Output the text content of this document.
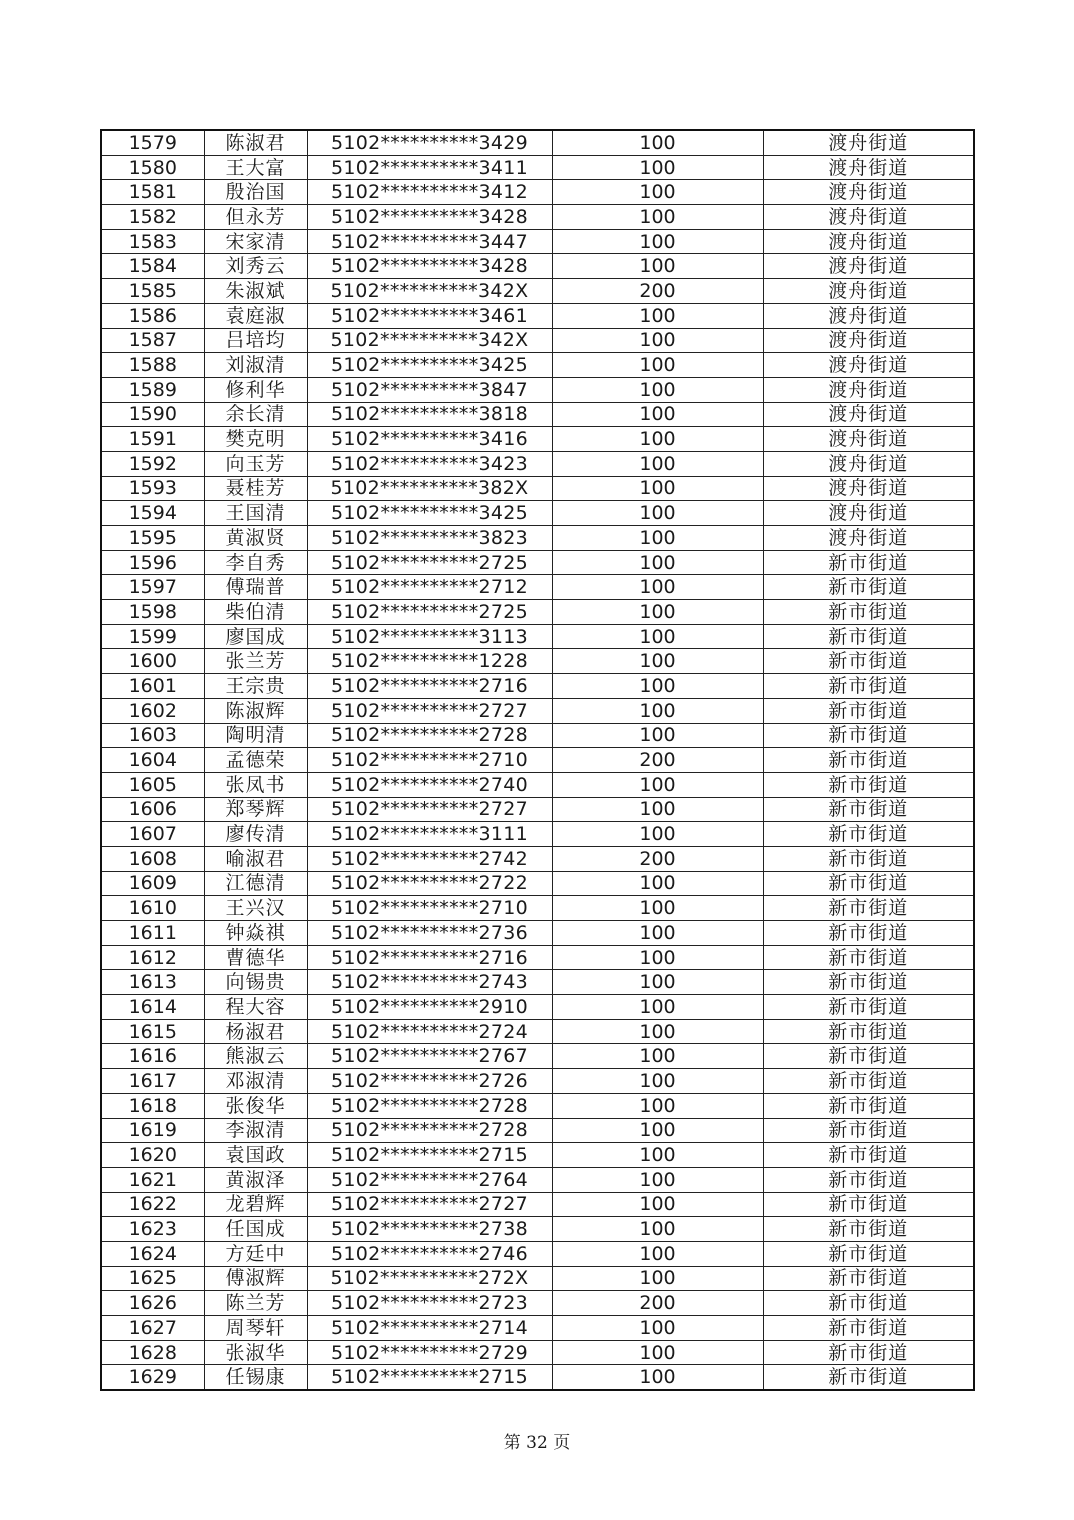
1579	陈淑君	5102**********3429	100	渡舟街道
1580	王大富	5102**********3411	100	渡舟街道
1581	殷治国	5102**********3412	100	渡舟街道
1582	但永芳	5102**********3428	100	渡舟街道
1583	宋家清	5102**********3447	100	渡舟街道
1584	刘秀云	5102**********3428	100	渡舟街道
1585	朱淑斌	5102**********342X	200	渡舟街道
1586	袁庭淑	5102**********3461	100	渡舟街道
1587	吕培均	5102**********342X	100	渡舟街道
1588	刘淑清	5102**********3425	100	渡舟街道
1589	修利华	5102**********3847	100	渡舟街道
1590	余长清	5102**********3818	100	渡舟街道
1591	樊克明	5102**********3416	100	渡舟街道
1592	向玉芳	5102**********3423	100	渡舟街道
1593	聂桂芳	5102**********382X	100	渡舟街道
1594	王国清	5102**********3425	100	渡舟街道
1595	黄淑贤	5102**********3823	100	渡舟街道
1596	李自秀	5102**********2725	100	新市街道
1597	傅瑞普	5102**********2712	100	新市街道
1598	柴伯清	5102**********2725	100	新市街道
1599	廖国成	5102**********3113	100	新市街道
1600	张兰芳	5102**********1228	100	新市街道
1601	王宗贵	5102**********2716	100	新市街道
1602	陈淑辉	5102**********2727	100	新市街道
1603	陶明清	5102**********2728	100	新市街道
1604	孟德荣	5102**********2710	200	新市街道
1605	张凤书	5102**********2740	100	新市街道
1606	郑琴辉	5102**********2727	100	新市街道
1607	廖传清	5102**********3111	100	新市街道
1608	喻淑君	5102**********2742	200	新市街道
1609	江德清	5102**********2722	100	新市街道
1610	王兴汉	5102**********2710	100	新市街道
1611	钟焱祺	5102**********2736	100	新市街道
1612	曹德华	5102**********2716	100	新市街道
1613	向锡贵	5102**********2743	100	新市街道
1614	程大容	5102**********2910	100	新市街道
1615	杨淑君	5102**********2724	100	新市街道
1616	熊淑云	5102**********2767	100	新市街道
1617	邓淑清	5102**********2726	100	新市街道
1618	张俊华	5102**********2728	100	新市街道
1619	李淑清	5102**********2728	100	新市街道
1620	袁国政	5102**********2715	100	新市街道
1621	黄淑泽	5102**********2764	100	新市街道
1622	龙碧辉	5102**********2727	100	新市街道
1623	任国成	5102**********2738	100	新市街道
1624	方廷中	5102**********2746	100	新市街道
1625	傅淑辉	5102**********272X	100	新市街道
1626	陈兰芳	5102**********2723	200	新市街道
1627	周琴轩	5102**********2714	100	新市街道
1628	张淑华	5102**********2729	100	新市街道
1629	任锡康	5102**********2715	100	新市街道
第 32 页
